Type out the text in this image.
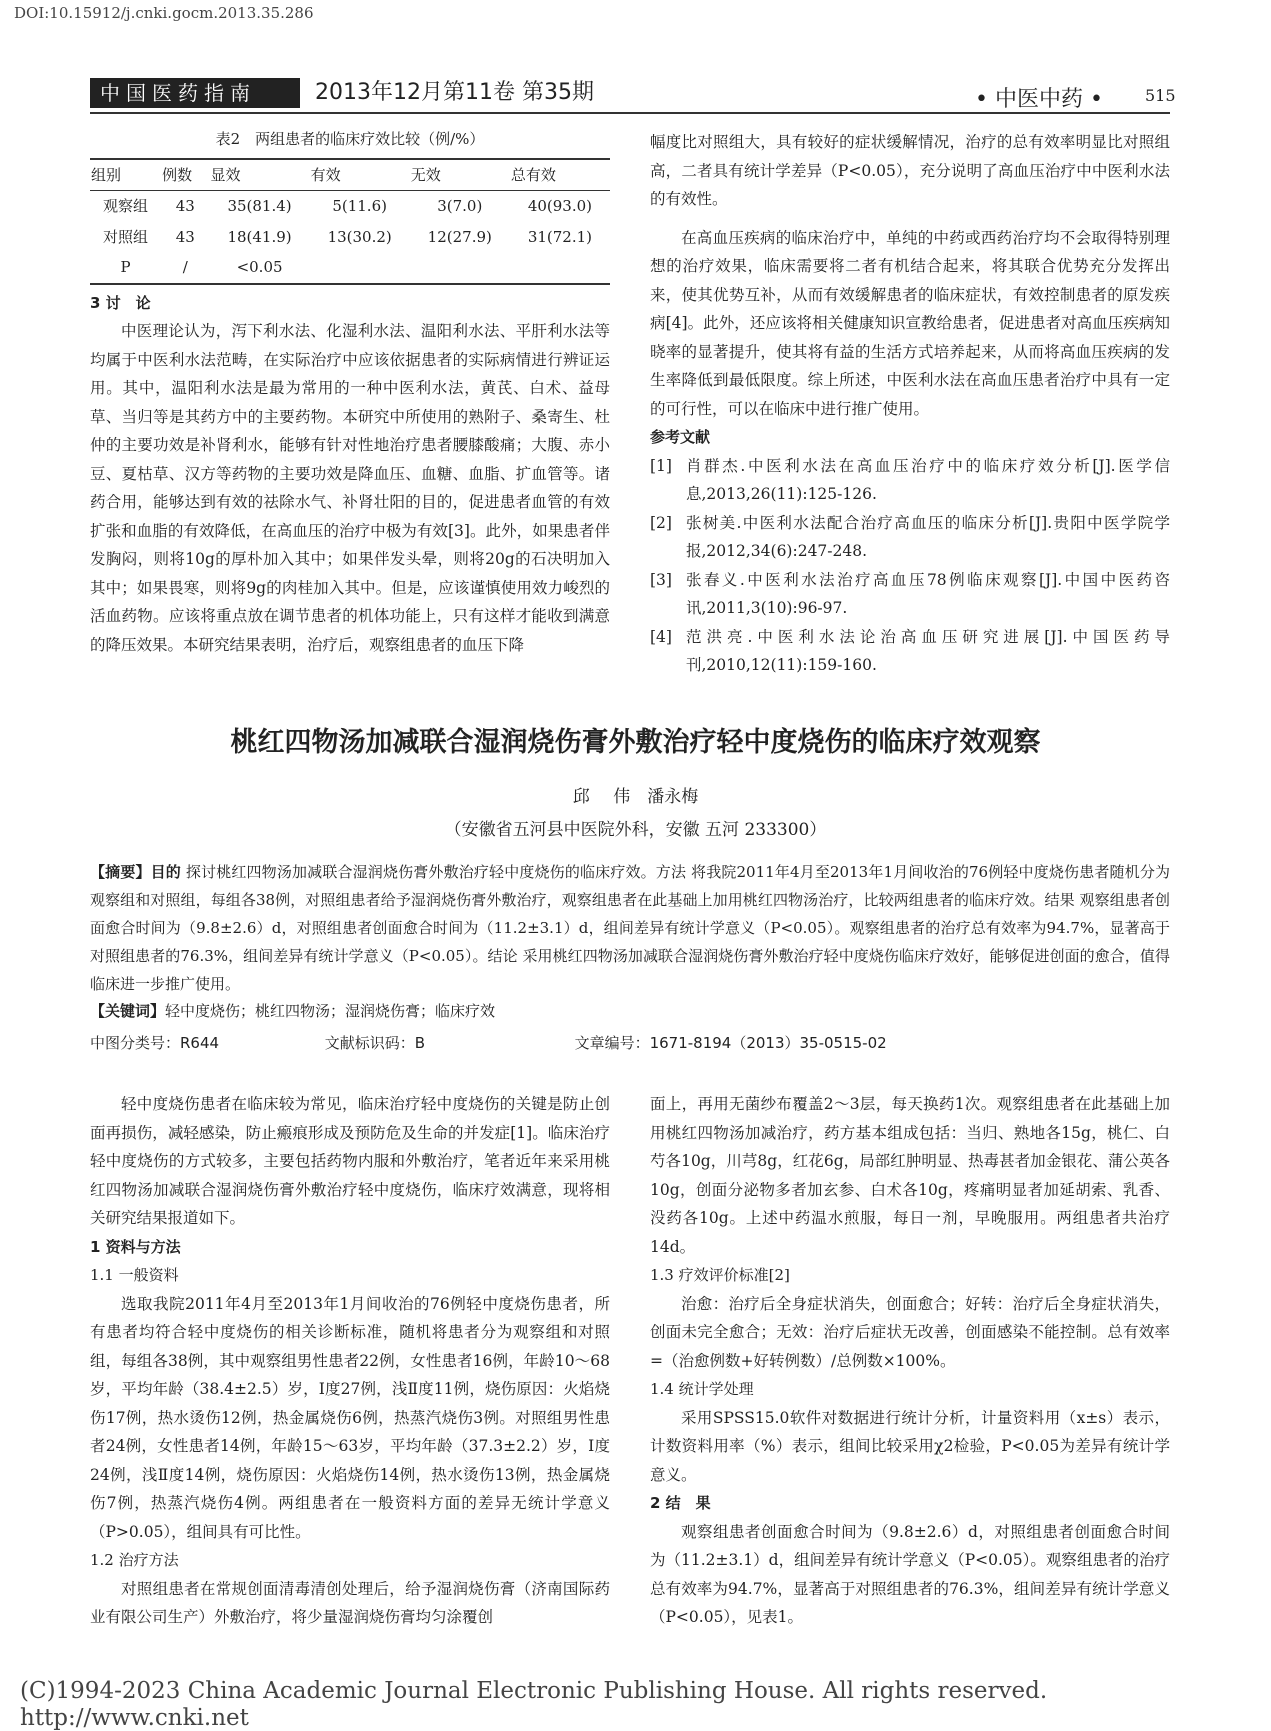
DOI:10.15912/j.cnki.gocm.2013.35.286
中国医药指南	2013年12月第11卷 第35期	• 中医中药 •	515
表2　两组患者的临床疗效比较（例/%）
组别	例数	显效	有效	无效	总有效
观察组	43	35(81.4)	5(11.6)	3(7.0)	40(93.0)
对照组	43	18(41.9)	13(30.2)	12(27.9)	31(72.1)
P	/	<0.05			
3 讨　论

中医理论认为，泻下利水法、化湿利水法、温阳利水法、平肝利水法等均属于中医利水法范畴，在实际治疗中应该依据患者的实际病情进行辨证运用。其中，温阳利水法是最为常用的一种中医利水法，黄芪、白术、益母草、当归等是其药方中的主要药物。本研究中所使用的熟附子、桑寄生、杜仲的主要功效是补肾利水，能够有针对性地治疗患者腰膝酸痛；大腹、赤小豆、夏枯草、汉方等药物的主要功效是降血压、血糖、血脂、扩血管等。诸药合用，能够达到有效的祛除水气、补肾壮阳的目的，促进患者血管的有效扩张和血脂的有效降低，在高血压的治疗中极为有效[3]。此外，如果患者伴发胸闷，则将10g的厚朴加入其中；如果伴发头晕，则将20g的石决明加入其中；如果畏寒，则将9g的肉桂加入其中。但是，应该谨慎使用效力峻烈的活血药物。应该将重点放在调节患者的机体功能上，只有这样才能收到满意的降压效果。本研究结果表明，治疗后，观察组患者的血压下降

幅度比对照组大，具有较好的症状缓解情况，治疗的总有效率明显比对照组高，二者具有统计学差异（P<0.05），充分说明了高血压治疗中中医利水法的有效性。

在高血压疾病的临床治疗中，单纯的中药或西药治疗均不会取得特别理想的治疗效果，临床需要将二者有机结合起来，将其联合优势充分发挥出来，使其优势互补，从而有效缓解患者的临床症状，有效控制患者的原发疾病[4]。此外，还应该将相关健康知识宣教给患者，促进患者对高血压疾病知晓率的显著提升，使其将有益的生活方式培养起来，从而将高血压疾病的发生率降低到最低限度。综上所述，中医利水法在高血压患者治疗中具有一定的可行性，可以在临床中进行推广使用。

参考文献

[1] 肖群杰.中医利水法在高血压治疗中的临床疗效分析[J].医学信息,2013,26(11):125-126.

[2] 张树美.中医利水法配合治疗高血压的临床分析[J].贵阳中医学院学报,2012,34(6):247-248.

[3] 张春义.中医利水法治疗高血压78例临床观察[J].中国中医药咨讯,2011,3(10):96-97.

[4] 范洪亮.中医利水法论治高血压研究进展[J].中国医药导刊,2010,12(11):159-160.

桃红四物汤加减联合湿润烧伤膏外敷治疗轻中度烧伤的临床疗效观察
邱 伟　潘永梅
（安徽省五河县中医院外科，安徽 五河 233300）
【摘要】目的 探讨桃红四物汤加减联合湿润烧伤膏外敷治疗轻中度烧伤的临床疗效。方法 将我院2011年4月至2013年1月间收治的76例轻中度烧伤患者随机分为观察组和对照组，每组各38例，对照组患者给予湿润烧伤膏外敷治疗，观察组患者在此基础上加用桃红四物汤治疗，比较两组患者的临床疗效。结果 观察组患者创面愈合时间为（9.8±2.6）d，对照组患者创面愈合时间为（11.2±3.1）d，组间差异有统计学意义（P<0.05）。观察组患者的治疗总有效率为94.7%，显著高于对照组患者的76.3%，组间差异有统计学意义（P<0.05）。结论 采用桃红四物汤加减联合湿润烧伤膏外敷治疗轻中度烧伤临床疗效好，能够促进创面的愈合，值得临床进一步推广使用。
【关键词】轻中度烧伤；桃红四物汤；湿润烧伤膏；临床疗效
中图分类号：R644	文献标识码：B	文章编号：1671-8194（2013）35-0515-02

轻中度烧伤患者在临床较为常见，临床治疗轻中度烧伤的关键是防止创面再损伤，减轻感染，防止瘢痕形成及预防危及生命的并发症[1]。临床治疗轻中度烧伤的方式较多，主要包括药物内服和外敷治疗，笔者近年来采用桃红四物汤加减联合湿润烧伤膏外敷治疗轻中度烧伤，临床疗效满意，现将相关研究结果报道如下。

1 资料与方法
1.1 一般资料

选取我院2011年4月至2013年1月间收治的76例轻中度烧伤患者，所有患者均符合轻中度烧伤的相关诊断标准，随机将患者分为观察组和对照组，每组各38例，其中观察组男性患者22例，女性患者16例，年龄10～68岁，平均年龄（38.4±2.5）岁，Ⅰ度27例，浅Ⅱ度11例，烧伤原因：火焰烧伤17例，热水烫伤12例，热金属烧伤6例，热蒸汽烧伤3例。对照组男性患者24例，女性患者14例，年龄15～63岁，平均年龄（37.3±2.2）岁，Ⅰ度24例，浅Ⅱ度14例，烧伤原因：火焰烧伤14例，热水烫伤13例，热金属烧伤7例，热蒸汽烧伤4例。两组患者在一般资料方面的差异无统计学意义（P>0.05），组间具有可比性。

1.2 治疗方法

对照组患者在常规创面清毒清创处理后，给予湿润烧伤膏（济南国际药业有限公司生产）外敷治疗，将少量湿润烧伤膏均匀涂覆创

面上，再用无菌纱布覆盖2～3层，每天换药1次。观察组患者在此基础上加用桃红四物汤加减治疗，药方基本组成包括：当归、熟地各15g，桃仁、白芍各10g，川芎8g，红花6g，局部红肿明显、热毒甚者加金银花、蒲公英各10g，创面分泌物多者加玄参、白术各10g，疼痛明显者加延胡索、乳香、没药各10g。上述中药温水煎服，每日一剂，早晚服用。两组患者共治疗14d。

1.3 疗效评价标准[2]

治愈：治疗后全身症状消失，创面愈合；好转：治疗后全身症状消失，创面未完全愈合；无效：治疗后症状无改善，创面感染不能控制。总有效率=（治愈例数+好转例数）/总例数×100%。

1.4 统计学处理

采用SPSS15.0软件对数据进行统计分析，计量资料用（x±s）表示，计数资料用率（%）表示，组间比较采用χ2检验，P<0.05为差异有统计学意义。

2 结　果

观察组患者创面愈合时间为（9.8±2.6）d，对照组患者创面愈合时间为（11.2±3.1）d，组间差异有统计学意义（P<0.05）。观察组患者的治疗总有效率为94.7%，显著高于对照组患者的76.3%，组间差异有统计学意义（P<0.05），见表1。

(C)1994-2023 China Academic Journal Electronic Publishing House. All rights reserved.　 http://www.cnki.net
